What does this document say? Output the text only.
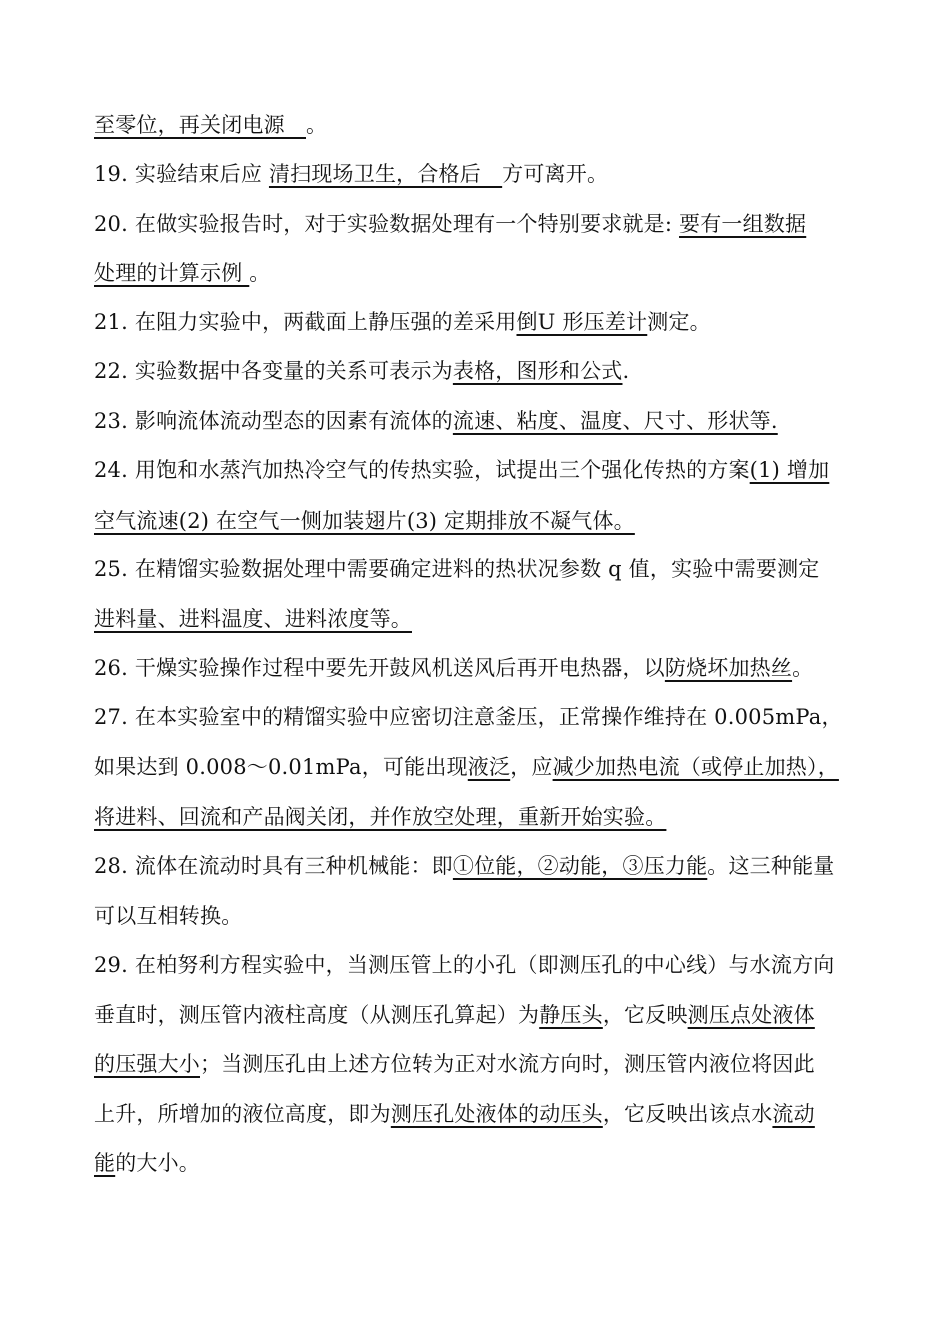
至零位，再关闭电源　。
19. 实验结束后应 清扫现场卫生，合格后　方可离开。
20. 在做实验报告时，对于实验数据处理有一个特别要求就是: 要有一组数据
处理的计算示例 。
21. 在阻力实验中，两截面上静压强的差采用倒U 形压差计测定。
22. 实验数据中各变量的关系可表示为表格，图形和公式.
23. 影响流体流动型态的因素有流体的流速、粘度、温度、尺寸、形状等.
24. 用饱和水蒸汽加热冷空气的传热实验，试提出三个强化传热的方案(1) 增加
空气流速(2) 在空气一侧加装翅片(3) 定期排放不凝气体。
25. 在精馏实验数据处理中需要确定进料的热状况参数 q 值，实验中需要测定
进料量、进料温度、进料浓度等。
26. 干燥实验操作过程中要先开鼓风机送风后再开电热器，以防烧坏加热丝。
27. 在本实验室中的精馏实验中应密切注意釜压，正常操作维持在 0.005mPa，
如果达到 0.008～0.01mPa，可能出现液泛，应减少加热电流（或停止加热），
将进料、回流和产品阀关闭，并作放空处理，重新开始实验。
28. 流体在流动时具有三种机械能：即①位能，②动能，③压力能。这三种能量
可以互相转换。
29. 在柏努利方程实验中，当测压管上的小孔（即测压孔的中心线）与水流方向
垂直时，测压管内液柱高度（从测压孔算起）为静压头，它反映测压点处液体
的压强大小；当测压孔由上述方位转为正对水流方向时，测压管内液位将因此
上升，所增加的液位高度，即为测压孔处液体的动压头，它反映出该点水流动
能的大小。
